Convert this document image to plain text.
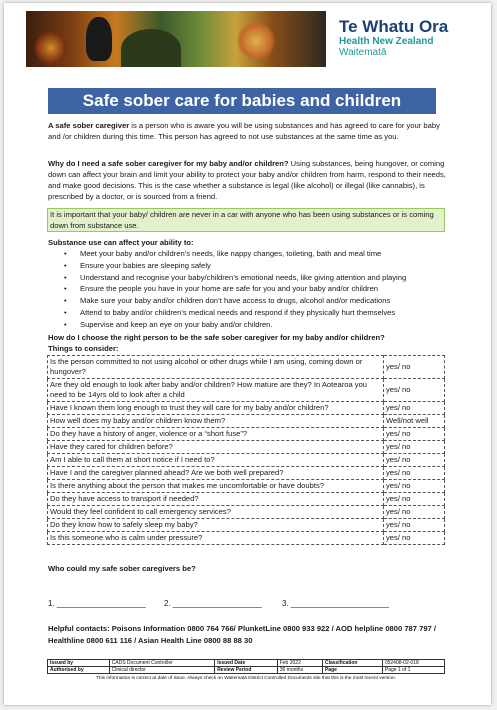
Te Whatu Ora
Health New Zealand
Waitematā
Safe sober care for babies and children
A safe sober caregiver is a person who is aware you will be using substances and has agreed to care for your baby and /or children during this time. This person has agreed to not use substances at the same time as you.
Why do I need a safe sober caregiver for my baby and/or children? Using substances, being hungover, or coming down can affect your brain and limit your ability to protect your baby and/or children from harm, respond to their needs, and make good decisions. This is the case whether a substance is legal (like alcohol) or illegal (like cannabis), is prescribed by a doctor, or is sourced from a friend.
It is important that your baby/ children are never in a car with anyone who has been using substances or is coming down from substance use.
Substance use can affect your ability to:
• Meet your baby and/or children’s needs, like nappy changes, toileting, bath and meal time
• Ensure your babies are sleeping safely
• Understand and recognise your baby/children’s emotional needs, like giving attention and playing
• Ensure the people you have in your home are safe for you and your baby and/or children
• Make sure your baby and/or children don’t have access to drugs, alcohol and/or medications
• Attend to baby and/or children’s medical needs and respond if they physically hurt themselves
• Supervise and keep an eye on your baby and/or children.
How do I choose the right person to be the safe sober caregiver for my baby and/or children?
Things to consider:
Is the person committed to not using alcohol or other drugs while I am using, coming down or hungover?	yes/ no
Are they old enough to look after baby and/or children? How mature are they? In Aotearoa you need to be 14yrs old to look after a child	yes/ no
Have I known them long enough to trust they will care for my baby and/or children?	yes/ no
How well does my baby and/or children know them?	Well/not well
Do they have a history of anger, violence or a “short fuse”?	yes/ no
Have they cared for children before?	yes/ no
Am I able to call them at short notice if I need to?	yes/ no
Have I and the caregiver planned ahead? Are we both well prepared?	yes/ no
Is there anything about the person that makes me uncomfortable or have doubts?	yes/ no
Do they have access to transport if needed?	yes/ no
Would they feel confident to call emergency services?	yes/ no
Do they know how to safely sleep my baby?	yes/ no
Is this someone who is calm under pressure?	yes/ no
Who could my safe sober caregivers be?
1. ____________________ 2. ____________________	3. ______________________
Helpful contacts: Poisons Information 0800 764 766/ PlunketLine 0800 933 922 / AOD helpline 0800 787 797 / Healthline 0800 611 116 / Asian Health Line 0800 88 88 30
Issued by	CADS Document Controller	Issued Date	Feb 2022	Classification	052408-02-018
Authorised by	Clinical director	Review Period	36 months	Page	Page 1 of 1
This information is correct at date of issue. Always check on Waitematā District Controlled Documents site that this is the most recent version.
